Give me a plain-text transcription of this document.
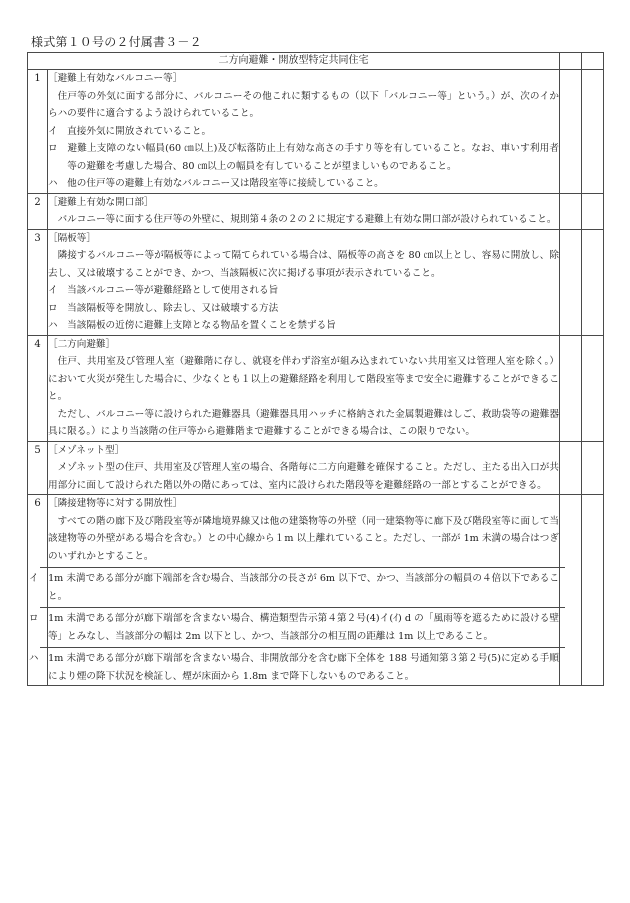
様式第１０号の２付属書３－２
二方向避難・開放型特定共同住宅			
1	［避難上有効なバルコニー等］
住戸等の外気に面する部分に、バルコニーその他これに類するもの（以下「バルコニー等」という。）が、次のイからハの要件に適合するよう設けられていること。
イ　直接外気に開放されていること。
ロ　避難上支障のない幅員(60 ㎝以上)及び転落防止上有効な高さの手すり等を有していること。なお、車いす利用者等の避難を考慮した場合、80 ㎝以上の幅員を有していることが望ましいものであること。
ハ　他の住戸等の避難上有効なバルコニー又は階段室等に接続していること。		

2	［避難上有効な開口部］
バルコニー等に面する住戸等の外壁に、規則第４条の２の２に規定する避難上有効な開口部が設けられていること。		

3	［隔板等］
隣接するバルコニー等が隔板等によって隔てられている場合は、隔板等の高さを 80 ㎝以上とし、容易に開放し、除去し、又は破壊することができ、かつ、当該隔板に次に掲げる事項が表示されていること。
イ　当該バルコニー等が避難経路として使用される旨
ロ　当該隔板等を開放し、除去し、又は破壊する方法
ハ　当該隔板の近傍に避難上支障となる物品を置くことを禁ずる旨		

4	［二方向避難］
住戸、共用室及び管理人室（避難階に存し、就寝を伴わず浴室が組み込まれていない共用室又は管理人室を除く。）において火災が発生した場合に、少なくとも１以上の避難経路を利用して階段室等まで安全に避難することができること。
ただし、バルコニー等に設けられた避難器具（避難器具用ハッチに格納された金属製避難はしご、救助袋等の避難器具に限る。）により当該階の住戸等から避難階まで避難することができる場合は、この限りでない。		

5	［メゾネット型］
メゾネット型の住戸、共用室及び管理人室の場合、各階毎に二方向避難を確保すること。ただし、主たる出入口が共用部分に面して設けられた階以外の階にあっては、室内に設けられた階段等を避難経路の一部とすることができる。		

6	［隣接建物等に対する開放性］
すべての階の廊下及び階段室等が隣地境界線又は他の建築物等の外壁（同一建築物等に廊下及び階段室等に面して当該建物等の外壁がある場合を含む。）との中心線から１m 以上離れていること。ただし、一部が 1m 未満の場合はつぎのいずれかとすること。
イ　1m 未満である部分が廊下端部を含む場合、当該部分の長さが 6m 以下で、かつ、当該部分の幅員の４倍以下であること。
ロ　1m 未満である部分が廊下端部を含まない場合、構造類型告示第４第２号(4)イ(ｲ) d の「風雨等を遮るために設ける壁等」とみなし、当該部分の幅は 2m 以下とし、かつ、当該部分の相互間の距離は 1m 以上であること。
ハ　1m 未満である部分が廊下端部を含まない場合、非開放部分を含む廊下全体を 188 号通知第３第２号(5)に定める手順により煙の降下状況を検証し、煙が床面から 1.8m まで降下しないものであること。		
